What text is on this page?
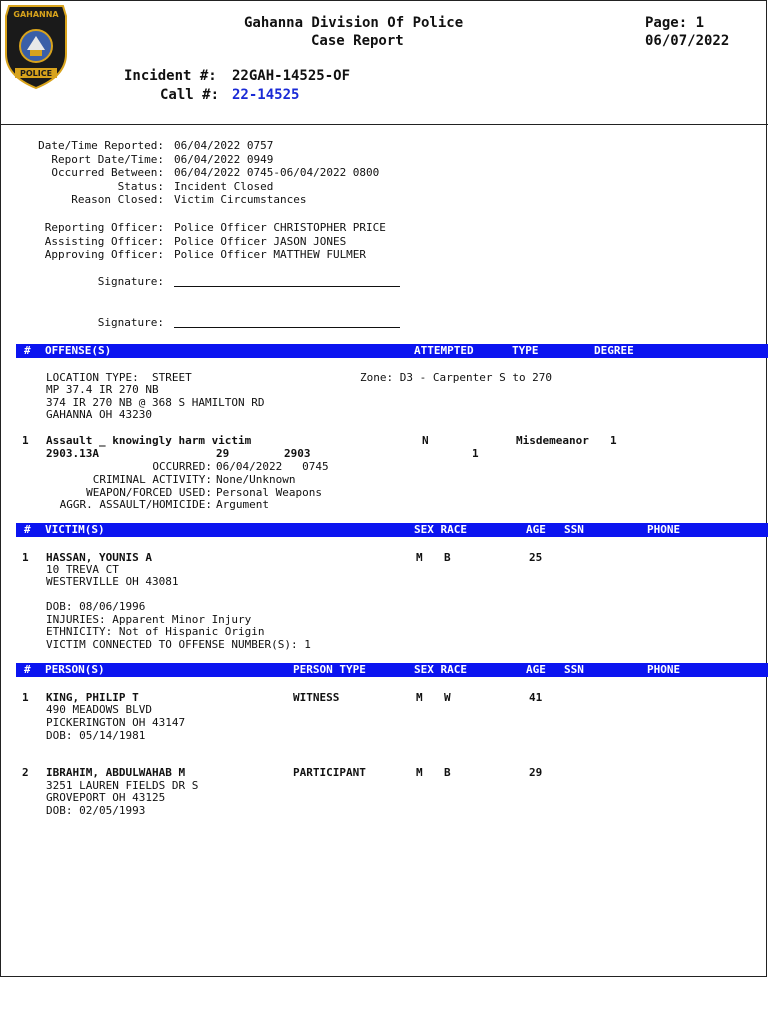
GAHANNA
POLICE
Gahanna Division Of Police
Case Report
Page: 1
06/07/2022
Incident #: 22GAH-14525-OF
Call #: 22-14525
Date/Time Reported: 06/04/2022 0757
Report Date/Time: 06/04/2022 0949
Occurred Between: 06/04/2022 0745-06/04/2022 0800
Status: Incident Closed
Reason Closed: Victim Circumstances
Reporting Officer: Police Officer CHRISTOPHER PRICE
Assisting Officer: Police Officer JASON JONES
Approving Officer: Police Officer MATTHEW FULMER
Signature:
Signature:
# OFFENSE(S)	ATTEMPTED	TYPE	DEGREE
LOCATION TYPE:  STREET	Zone: D3 - Carpenter S to 270
MP 37.4 IR 270 NB
374 IR 270 NB @ 368 S HAMILTON RD
GAHANNA OH 43230
1 Assault _ knowingly harm victim	N	Misdemeanor 1
2903.13A	29	2903	1
OCCURRED: 06/04/2022   0745
CRIMINAL ACTIVITY: None/Unknown
WEAPON/FORCED USED: Personal Weapons
AGGR. ASSAULT/HOMICIDE: Argument
# VICTIM(S)	SEX RACE	AGE SSN	PHONE
1 HASSAN, YOUNIS A	M B	25
10 TREVA CT
WESTERVILLE OH 43081
DOB: 08/06/1996
INJURIES: Apparent Minor Injury
ETHNICITY: Not of Hispanic Origin
VICTIM CONNECTED TO OFFENSE NUMBER(S): 1
# PERSON(S)	PERSON TYPE	SEX RACE	AGE SSN	PHONE
1 KING, PHILIP T	WITNESS	M W	41
490 MEADOWS BLVD
PICKERINGTON OH 43147
DOB: 05/14/1981
2 IBRAHIM, ABDULWAHAB M	PARTICIPANT	M B	29
3251 LAUREN FIELDS DR S
GROVEPORT OH 43125
DOB: 02/05/1993
